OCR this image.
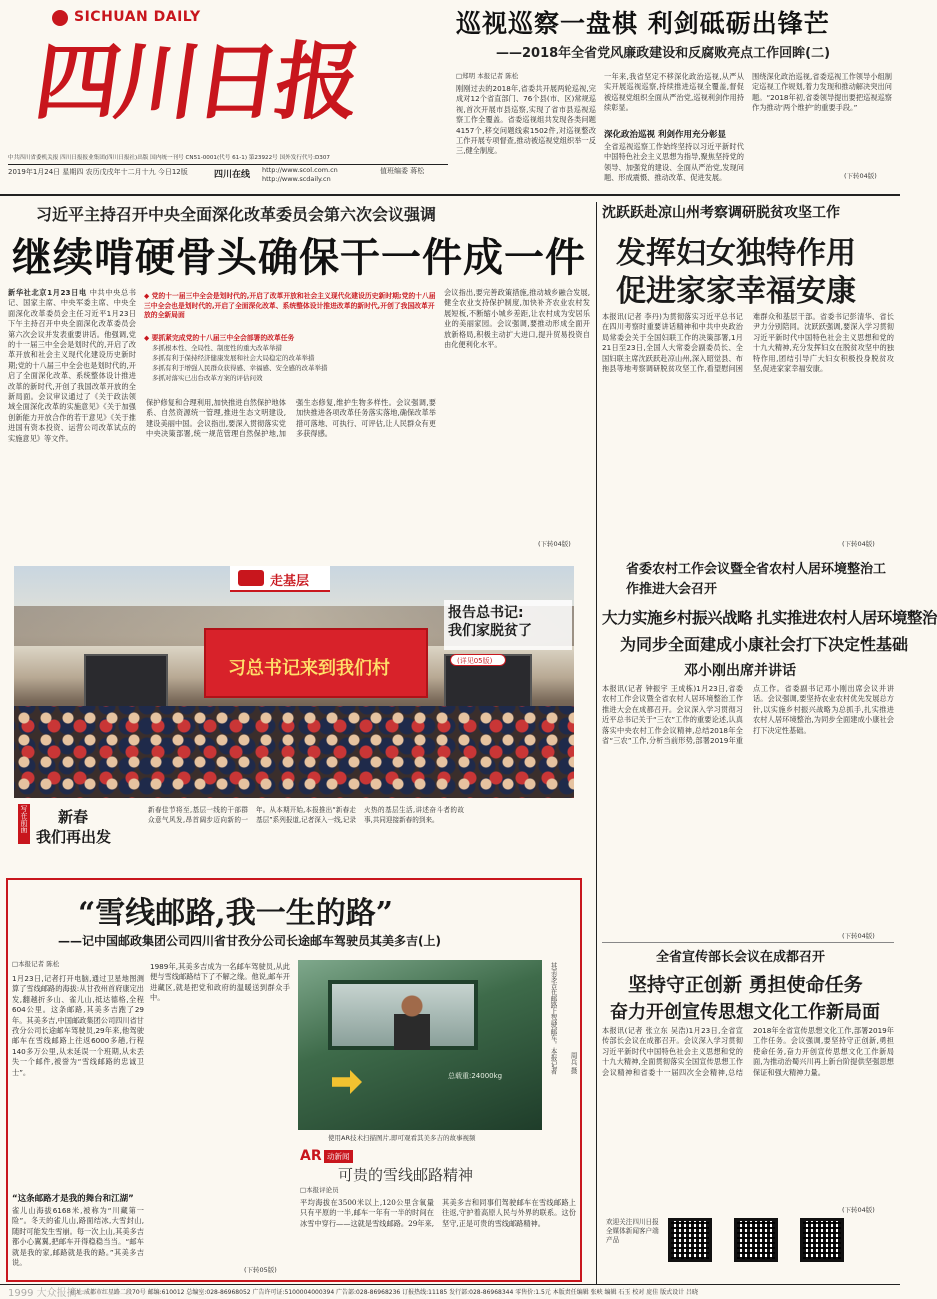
SICHUAN DAILY
四川日报
中共四川省委机关报 四川日报报业集团(四川日报社)出版 国内统一刊号 CN51-0001(代号 61-1) 第23922号 国外发行代号:D307
2019年1月24日 星期四 农历戊戌年十二月十九 今日12版	四川在线 http://www.scol.com.cn
http://www.scdaily.cn
值班编委 蒋松
巡视巡察一盘棋 利剑砥砺出锋芒
——2018年全省党风廉政建设和反腐败亮点工作回眸(二)
□郑明 本报记者 陈松
刚刚过去的2018年,省委共开展两轮巡视,完成对12个省直部门、76个县(市、区)常规巡视,首次开展市县巡察,实现了省市县巡视巡察工作全覆盖。省委巡视组共发现各类问题4157个,移交问题线索1502件,对巡视整改工作开展专项督查,推动被巡视党组织举一反三,健全制度。
一年来,我省坚定不移深化政治巡视,从严从实开展巡视巡察,持续推进巡视全覆盖,督促被巡视党组织全面从严治党,巡视利剑作用持续彰显。
深化政治巡视 利剑作用充分彰显
全省巡视巡察工作始终坚持以习近平新时代中国特色社会主义思想为指导,聚焦坚持党的领导、加强党的建设、全面从严治党,发现问题、形成震慑、推动改革、促进发展。
围绕深化政治巡视,省委巡视工作领导小组制定巡视工作规划,着力发现和推动解决突出问题。“2018年初,省委领导提出要把巡视巡察作为推动‘两个维护’的重要手段。”
(下转04版)
习近平主持召开中央全面深化改革委员会第六次会议强调
继续啃硬骨头确保干一件成一件
新华社北京1月23日电 中共中央总书记、国家主席、中央军委主席、中央全面深化改革委员会主任习近平1月23日下午主持召开中央全面深化改革委员会第六次会议并发表重要讲话。他强调,党的十一届三中全会是划时代的,开启了改革开放和社会主义现代化建设历史新时期;党的十八届三中全会也是划时代的,开启了全面深化改革、系统整体设计推进改革的新时代,开创了我国改革开放的全新局面。会议审议通过了《关于政法领域全面深化改革的实施意见》《关于加强创新能力开放合作的若干意见》《关于推进国有资本投资、运营公司改革试点的实施意见》等文件。
◆ 党的十一届三中全会是划时代的,开启了改革开放和社会主义现代化建设历史新时期;党的十八届三中全会也是划时代的,开启了全面深化改革、系统整体设计推进改革的新时代,开创了我国改革开放的全新局面
◆ 要抓紧完成党的十八届三中全会部署的改革任务
多抓根本性、全局性、制度性的重大改革举措
多抓有利于保持经济健康发展和社会大局稳定的改革举措
多抓有利于增强人民群众获得感、幸福感、安全感的改革举措
多抓对落实已出台改革方案的评估问效
保护修复和合理利用,加快推进自然保护地体系、自然资源统一管理,推进生态文明建设,建设美丽中国。会议指出,要深入贯彻落实党中央决策部署,统一规范管理自然保护地,加强生态修复,维护生物多样性。会议强调,要加快推进各项改革任务落实落地,确保改革举措可落地、可执行、可评估,让人民群众有更多获得感。
会议指出,要完善政策措施,推动城乡融合发展,健全农业支持保护制度,加快补齐农业农村发展短板,不断缩小城乡差距,让农村成为安居乐业的美丽家园。会议强调,要推动形成全面开放新格局,积极主动扩大进口,提升贸易投资自由化便利化水平。
(下转04版)
沈跃跃赴凉山州考察调研脱贫攻坚工作
发挥妇女独特作用
促进家家幸福安康
本报讯(记者 李丹)为贯彻落实习近平总书记在四川考察时重要讲话精神和中共中央政治局常委会关于全国妇联工作的决策部署,1月21日至23日,全国人大常委会副委员长、全国妇联主席沈跃跃赴凉山州,深入昭觉县、布拖县等地考察调研脱贫攻坚工作,看望慰问困难群众和基层干部。省委书记彭清华、省长尹力分别陪同。沈跃跃强调,要深入学习贯彻习近平新时代中国特色社会主义思想和党的十九大精神,充分发挥妇女在脱贫攻坚中的独特作用,团结引导广大妇女积极投身脱贫攻坚,促进家家幸福安康。
(下转04版)
习总书记来到我们村
走基层
报告总书记:
我们家脱贫了
(详见05版)
写在前面 新春
我们再出发
新春佳节将至,基层一线的干部群众意气风发,昂首阔步迈向新的一年。从本期开始,本报推出“新春走基层”系列报道,记者深入一线,记录火热的基层生活,讲述奋斗者的故事,共同迎接新春的到来。
省委农村工作会议暨全省农村人居环境整治工作推进大会召开
大力实施乡村振兴战略 扎实推进农村人居环境整治
为同步全面建成小康社会打下决定性基础
邓小刚出席并讲话
本报讯(记者 钟振宇 王成栋)1月23日,省委农村工作会议暨全省农村人居环境整治工作推进大会在成都召开。会议深入学习贯彻习近平总书记关于“三农”工作的重要论述,认真落实中央农村工作会议精神,总结2018年全省“三农”工作,分析当前形势,部署2019年重点工作。省委副书记邓小刚出席会议并讲话。会议强调,要坚持农业农村优先发展总方针,以实施乡村振兴战略为总抓手,扎实推进农村人居环境整治,为同步全面建成小康社会打下决定性基础。
(下转04版)
“雪线邮路,我一生的路”
——记中国邮政集团公司四川省甘孜分公司长途邮车驾驶员其美多吉(上)
□本报记者 陈松
1月23日,记者打开电脑,通过卫星地图测算了雪线邮路的海拔:从甘孜州首府康定出发,翻越折多山、雀儿山,抵达德格,全程604公里。这条邮路,其美多吉跑了29年。其美多吉,中国邮政集团公司四川省甘孜分公司长途邮车驾驶员,29年来,他驾驶邮车在雪线邮路上往返6000多趟,行程140多万公里,从未延误一个班期,从未丢失一个邮件,被誉为“雪线邮路的忠诚卫士”。
“这条邮路才是我的舞台和江湖”
雀儿山海拔6168米,被称为“川藏第一险”。冬天的雀儿山,路面结冰,大雪封山,随时可能发生雪崩。每一次上山,其美多吉都小心翼翼,把邮车开得稳稳当当。“邮车就是我的家,邮路就是我的路。”其美多吉说。
1989年,其美多吉成为一名邮车驾驶员,从此便与雪线邮路结下了不解之缘。他说,邮车开进藏区,就是把党和政府的温暖送到群众手中。
(下转05版)
总载重:24000kg
其美多吉在邮路上驾驶邮车。本报记者 周兵 摄
使用AR技术扫描图片,即可观看其美多吉的故事视频
AR 动新闻
可贵的雪线邮路精神
□本报评论员
平均海拔在3500米以上,120公里含氧量只有平原的一半,邮车一年有一半的时间在冰雪中穿行——这就是雪线邮路。29年来,其美多吉和同事们驾驶邮车在雪线邮路上往返,守护着高原人民与外界的联系。这份坚守,正是可贵的雪线邮路精神。
全省宣传部长会议在成都召开
坚持守正创新 勇担使命任务
奋力开创宣传思想文化工作新局面
本报讯(记者 张立东 吴浩)1月23日,全省宣传部长会议在成都召开。会议深入学习贯彻习近平新时代中国特色社会主义思想和党的十九大精神,全面贯彻落实全国宣传思想工作会议精神和省委十一届四次全会精神,总结2018年全省宣传思想文化工作,部署2019年工作任务。会议强调,要坚持守正创新,勇担使命任务,奋力开创宣传思想文化工作新局面,为推动治蜀兴川再上新台阶提供坚强思想保证和强大精神力量。
(下转04版)
欢迎关注四川日报全媒体新闻客户端产品
社址:成都市红星路二段70号 邮编:610012 总编室:028-86968052 广告许可证:5100004000394 广告部:028-86968236 订报热线:11185 发行部:028-86968344 零售价:1.5元 本版责任编辑 张峡 编辑 石玉 校对 庞佳 版式设计 吕晓
1999 大众报摘
